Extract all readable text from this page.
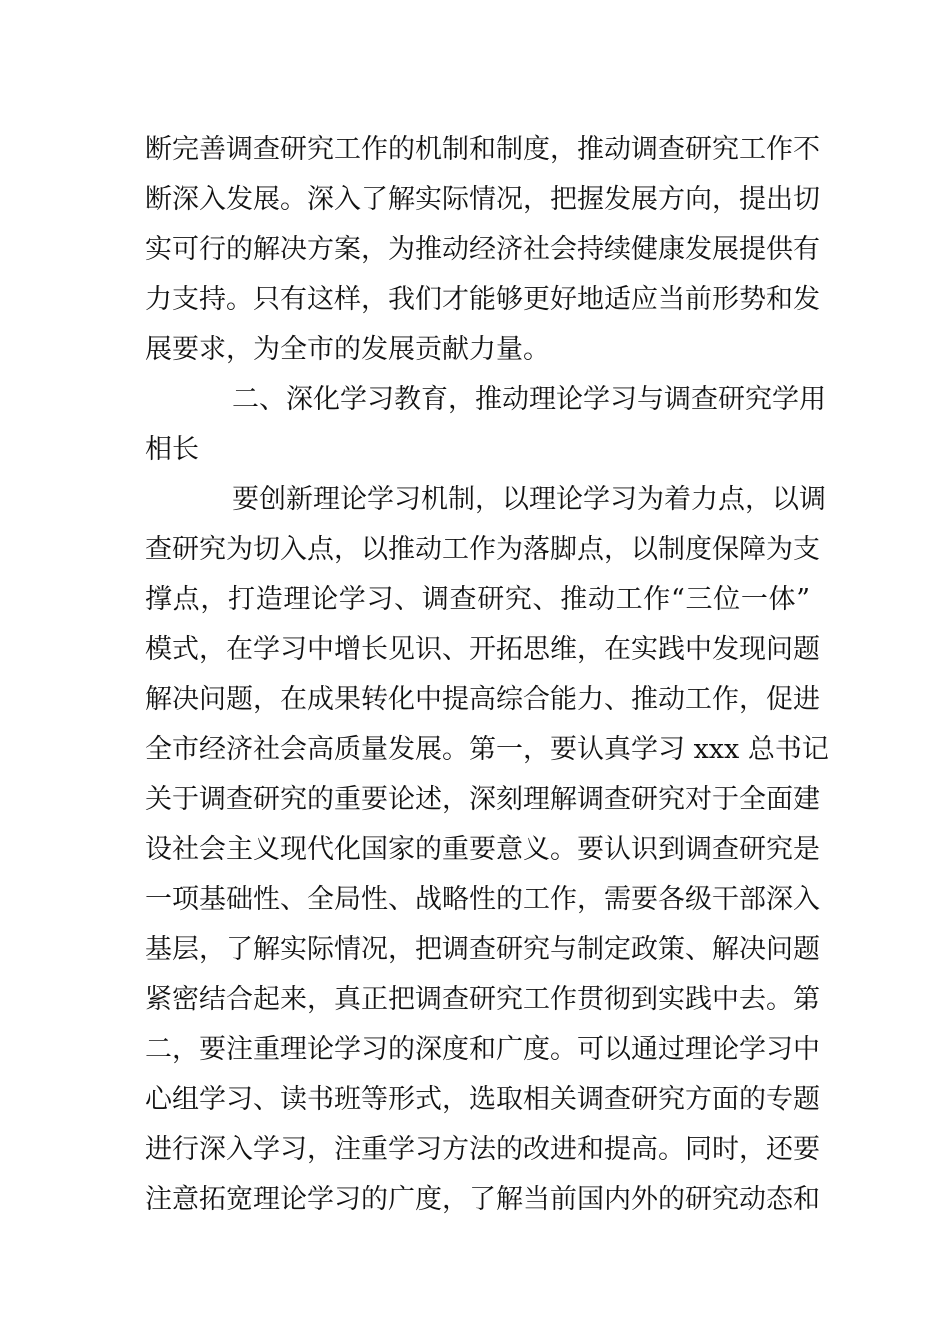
断完善调查研究工作的机制和制度，推动调查研究工作不
断深入发展。深入了解实际情况，把握发展方向，提出切
实可行的解决方案，为推动经济社会持续健康发展提供有
力支持。只有这样，我们才能够更好地适应当前形势和发
展要求，为全市的发展贡献力量。
二、深化学习教育，推动理论学习与调查研究学用
相长
要创新理论学习机制，以理论学习为着力点，以调
查研究为切入点，以推动工作为落脚点，以制度保障为支
撑点，打造理论学习、调查研究、推动工作“三位一体”
模式，在学习中增长见识、开拓思维，在实践中发现问题
解决问题，在成果转化中提高综合能力、推动工作，促进
全市经济社会高质量发展。第一，要认真学习 xxx 总书记
关于调查研究的重要论述，深刻理解调查研究对于全面建
设社会主义现代化国家的重要意义。要认识到调查研究是
一项基础性、全局性、战略性的工作，需要各级干部深入
基层，了解实际情况，把调查研究与制定政策、解决问题
紧密结合起来，真正把调查研究工作贯彻到实践中去。第
二，要注重理论学习的深度和广度。可以通过理论学习中
心组学习、读书班等形式，选取相关调查研究方面的专题
进行深入学习，注重学习方法的改进和提高。同时，还要
注意拓宽理论学习的广度，了解当前国内外的研究动态和
